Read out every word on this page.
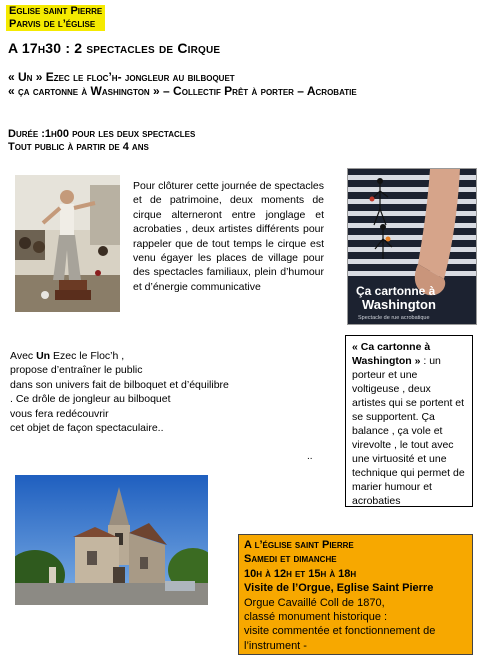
Eglise saint Pierre
Parvis de l’église
A 17h30 : 2 spectacles de Cirque
« Un » Ezec le floc’h- jongleur au bilboquet
« ça cartonne à Washington » – Collectif Prêt à porter – Acrobatie
Durée :1h00 pour les deux spectacles
Tout public à partir de 4 ans
Pour clôturer cette journée de spectacles et de patrimoine, deux moments de cirque alterneront entre jonglage et acrobaties , deux artistes différents pour rappeler que de tout temps le cirque est venu égayer les places de village pour des spectacles familiaux, plein d’humour et d’énergie communicative	Ça cartonne à
Washington
Spectacle de rue acrobatique
Avec Un Ezec le Floc’h ,
propose d’entraîner le public
dans son univers fait de bilboquet et d’équilibre
. Ce drôle de jongleur au bilboquet
vous fera redécouvrir
cet objet de façon spectaculaire..
..
« Ca cartonne à Washington » : un porteur et une voltigeuse , deux artistes qui se portent et se supportent. Ça balance , ça vole et virevolte , le tout avec une virtuosité et une technique qui permet de marier humour et acrobaties
A l’église saint Pierre
Samedi et dimanche
10h à 12h et 15h à 18h
Visite de l’Orgue, Eglise Saint Pierre
Orgue Cavaillé Coll de 1870,
classé monument historique :
visite commentée et fonctionnement de l’instrument -
